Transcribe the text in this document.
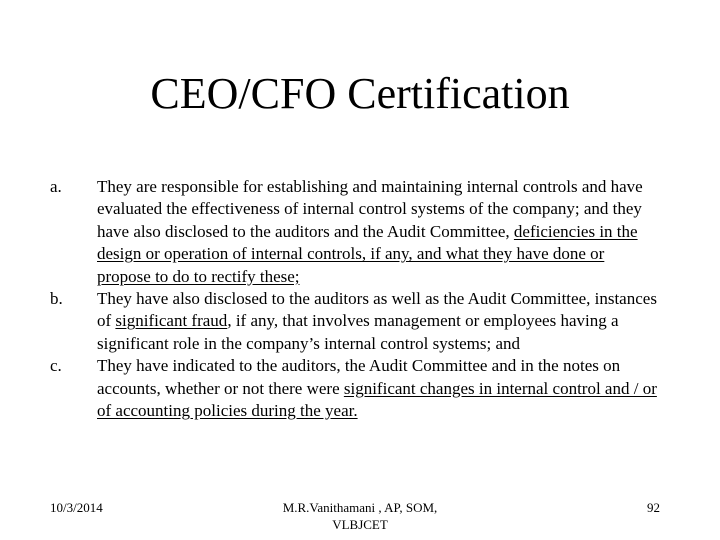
CEO/CFO Certification
a. They are responsible for establishing and maintaining internal controls and have evaluated the effectiveness of internal control systems of the company; and they have also disclosed to the auditors and the Audit Committee, deficiencies in the design or operation of internal controls, if any, and what they have done or propose to do to rectify these;
b. They have also disclosed to the auditors as well as the Audit Committee, instances of significant fraud, if any, that involves management or employees having a significant role in the company’s internal control systems; and
c. They have indicated to the auditors, the Audit Committee and in the notes on accounts, whether or not there were significant changes in internal control and / or of accounting policies during the year.
10/3/2014	M.R.Vanithamani , AP, SOM, VLBJCET
92
